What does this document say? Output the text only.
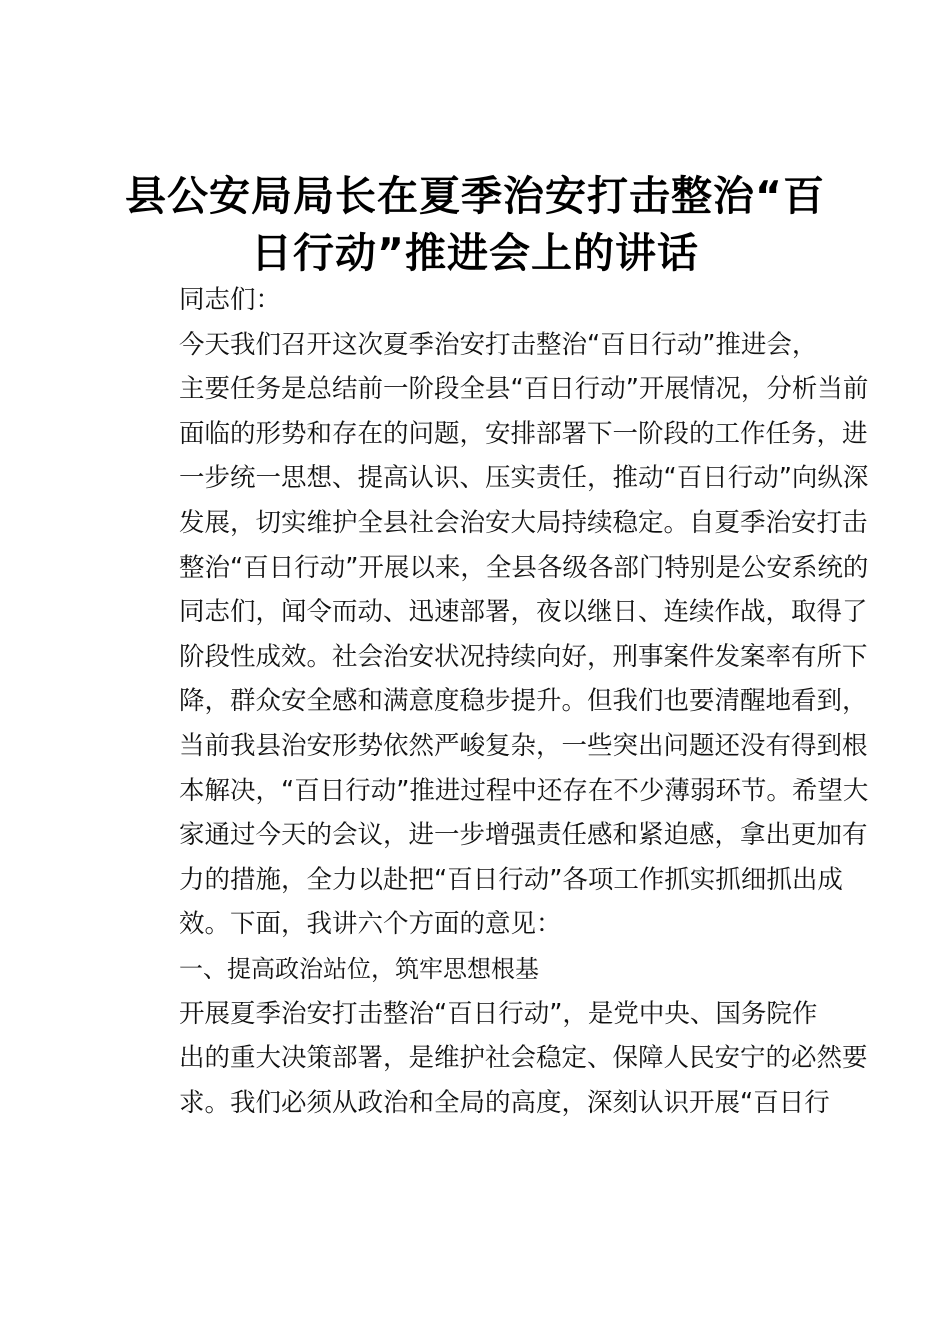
县公安局局长在夏季治安打击整治“百
日行动”推进会上的讲话

同志们：

今天我们召开这次夏季治安打击整治“百日行动”推进会，
主要任务是总结前一阶段全县“百日行动”开展情况，分析当前
面临的形势和存在的问题，安排部署下一阶段的工作任务，进
一步统一思想、提高认识、压实责任，推动“百日行动”向纵深
发展，切实维护全县社会治安大局持续稳定。自夏季治安打击
整治“百日行动”开展以来，全县各级各部门特别是公安系统的
同志们，闻令而动、迅速部署，夜以继日、连续作战，取得了
阶段性成效。社会治安状况持续向好，刑事案件发案率有所下
降，群众安全感和满意度稳步提升。但我们也要清醒地看到，
当前我县治安形势依然严峻复杂，一些突出问题还没有得到根
本解决，“百日行动”推进过程中还存在不少薄弱环节。希望大
家通过今天的会议，进一步增强责任感和紧迫感，拿出更加有
力的措施，全力以赴把“百日行动”各项工作抓实抓细抓出成
效。下面，我讲六个方面的意见：

一、提高政治站位，筑牢思想根基

开展夏季治安打击整治“百日行动”，是党中央、国务院作
出的重大决策部署，是维护社会稳定、保障人民安宁的必然要
求。我们必须从政治和全局的高度，深刻认识开展“百日行
